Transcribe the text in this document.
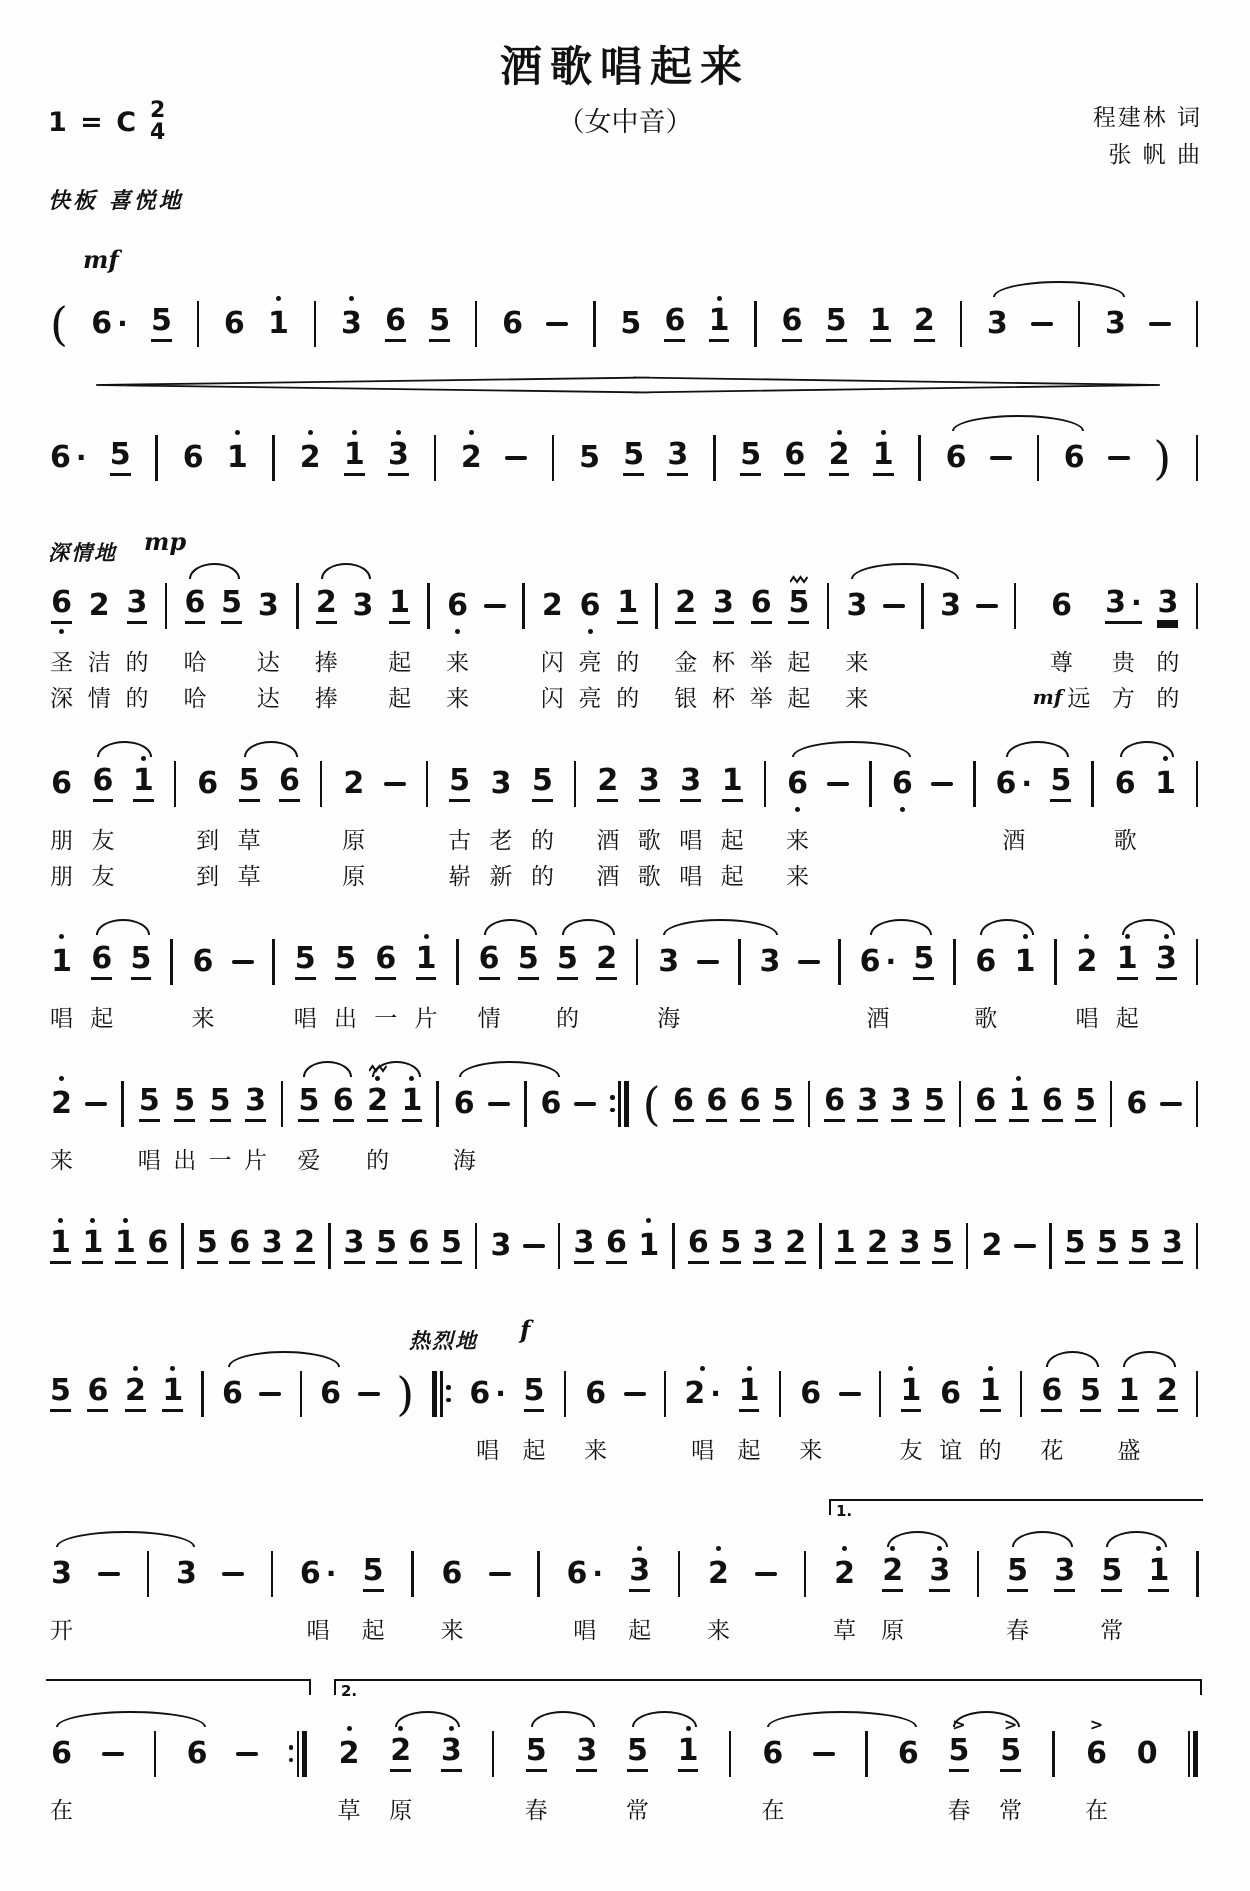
酒歌唱起来
1 = C 2
4	（女中音）	程建林 词
张 帆 曲
快板 喜悦地
( 6 · 5 6 1 3 6 5 6	5 6 1 6 5 1 2 3	3
mf
6 · 5 6 1 2 1 3 2	5 5 3 5 6 2 1 6	6 )
6
圣
深
2
洁
情
3
的
的
6
哈
哈
5 3
达
达
2
捧
捧
3 1
起
起
6
来
来
2
闪
闪
6
亮
亮
1
的
的
2
金
银
3
杯
杯
6
举
举
5
起
起
3
来
来
3	6
尊
mf 远
3 ·
贵
方
3
的
的
深情地 mp
6
朋
朋
6
友
友
1 6
到
到
5
草
草
6 2
原
原
5
古
崭
3
老
新
5
的
的
2
酒
酒
3
歌
歌
3
唱
唱
1
起
起
6
来
来
6	6 ·
酒
5 6
歌
1
1
唱
6
起
5 6
来
5
唱
5
出
6
一
1
片
6
情
5 5
的
2 3
海
3	6 ·
酒
5 6
歌
1 2
唱
1
起
3
2
来
5
唱
5
出
5
一
3
片
5
爱
6 2
的
1 6
海
6 ( 6 6 6 5 6 3 3 5 6 1 6 5 6
1 1 1 6 5 6 3 2 3 5 6 5 3 3 6 1 6 5 3 2 1 2 3 5 2 5 5 5 3
5 6 2 1 6	6 ) 6 ·
唱
5
起
6
来
2 ·
唱
1
起
6
来
1
友
6
谊
1
的
6
花
5 1
盛
2
热烈地 f
3
开
3	6 ·
唱
5
起
6
来
6 ·
唱
3
起
2
来
2
草
2
原
3 5
春
3 5
常
1
1.
6
在
6	2
草
2
原
3 5
春
3 5
常
1 6
在
6
>
5
春
>
5
常
>
6
在
0
2.
